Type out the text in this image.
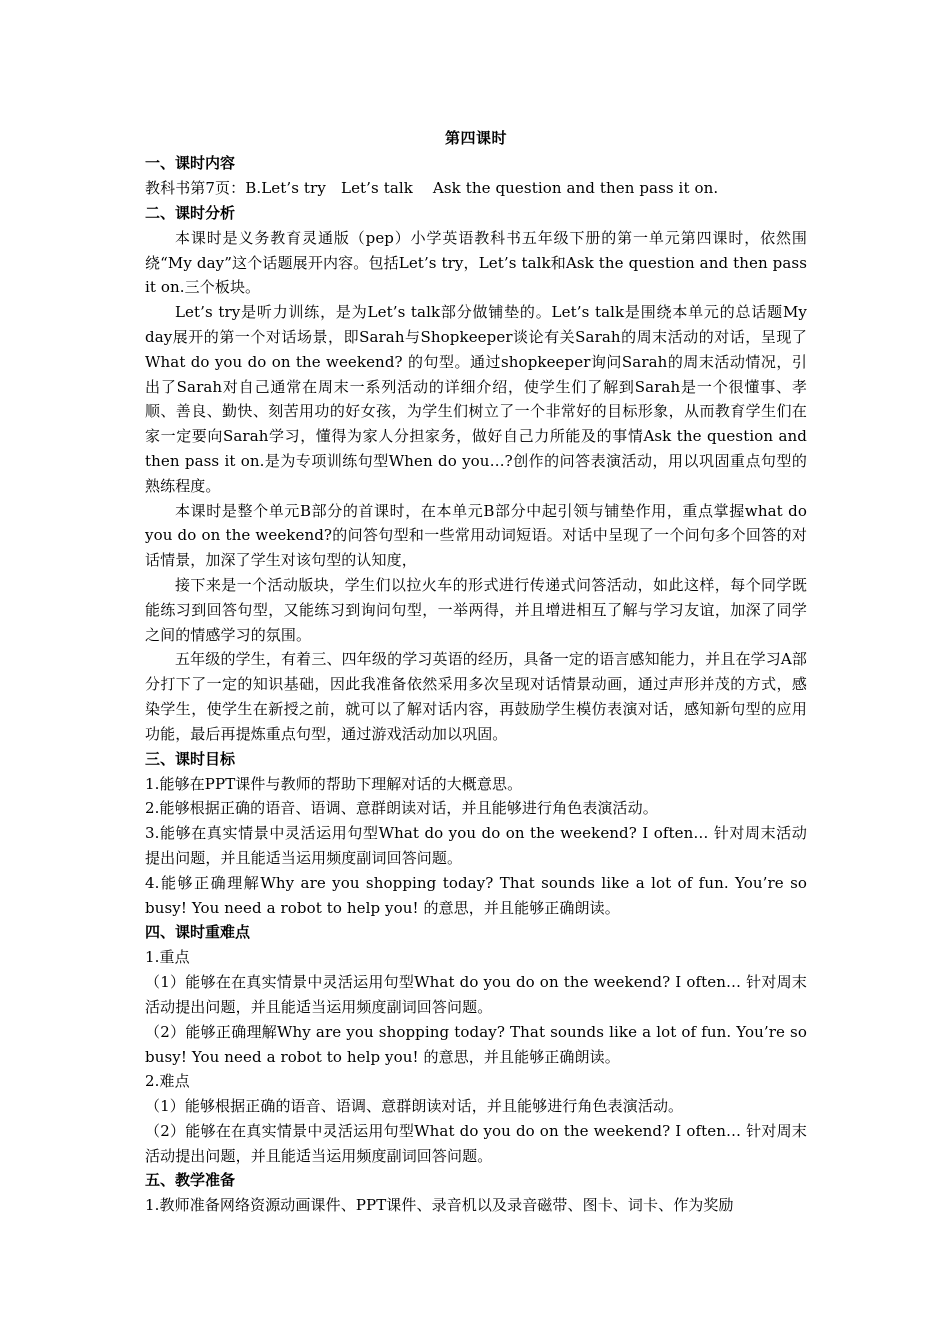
第四课时
一、课时内容

教科书第7页：B.Let’s try　Let’s talk　 Ask the question and then pass it on.

二、课时分析

本课时是义务教育灵通版（pep）小学英语教科书五年级下册的第一单元第四课时，依然围绕“My day”这个话题展开内容。包括Let’s try，Let’s talk和Ask the question and then pass it on.三个板块。

Let’s try是听力训练，是为Let’s talk部分做铺垫的。Let’s talk是围绕本单元的总话题My day展开的第一个对话场景，即Sarah与Shopkeeper谈论有关Sarah的周末活动的对话，呈现了What do you do on the weekend? 的句型。通过shopkeeper询问Sarah的周末活动情况，引出了Sarah对自己通常在周末一系列活动的详细介绍，使学生们了解到Sarah是一个很懂事、孝顺、善良、勤快、刻苦用功的好女孩，为学生们树立了一个非常好的目标形象，从而教育学生们在家一定要向Sarah学习，懂得为家人分担家务，做好自己力所能及的事情Ask the question and then pass it on.是为专项训练句型When do you…?创作的问答表演活动，用以巩固重点句型的熟练程度。

本课时是整个单元B部分的首课时，在本单元B部分中起引领与铺垫作用，重点掌握what do you do on the weekend?的问答句型和一些常用动词短语。对话中呈现了一个问句多个回答的对话情景，加深了学生对该句型的认知度，

接下来是一个活动版块，学生们以拉火车的形式进行传递式问答活动，如此这样，每个同学既能练习到回答句型，又能练习到询问句型，一举两得，并且增进相互了解与学习友谊，加深了同学之间的情感学习的氛围。

五年级的学生，有着三、四年级的学习英语的经历，具备一定的语言感知能力，并且在学习A部分打下了一定的知识基础，因此我准备依然采用多次呈现对话情景动画，通过声形并茂的方式，感染学生，使学生在新授之前，就可以了解对话内容，再鼓励学生模仿表演对话，感知新句型的应用功能，最后再提炼重点句型，通过游戏活动加以巩固。

三、课时目标

1.能够在PPT课件与教师的帮助下理解对话的大概意思。

2.能够根据正确的语音、语调、意群朗读对话，并且能够进行角色表演活动。

3.能够在真实情景中灵活运用句型What do you do on the weekend? I often… 针对周末活动提出问题，并且能适当运用频度副词回答问题。

4.能够正确理解Why are you shopping today? That sounds like a lot of fun. You’re so busy! You need a robot to help you! 的意思，并且能够正确朗读。

四、课时重难点

1.重点

（1）能够在在真实情景中灵活运用句型What do you do on the weekend? I often… 针对周末活动提出问题，并且能适当运用频度副词回答问题。

（2）能够正确理解Why are you shopping today? That sounds like a lot of fun. You’re so busy! You need a robot to help you! 的意思，并且能够正确朗读。

2.难点

（1）能够根据正确的语音、语调、意群朗读对话，并且能够进行角色表演活动。

（2）能够在在真实情景中灵活运用句型What do you do on the weekend? I often… 针对周末活动提出问题，并且能适当运用频度副词回答问题。

五、教学准备

1.教师准备网络资源动画课件、PPT课件、录音机以及录音磁带、图卡、词卡、作为奖励
